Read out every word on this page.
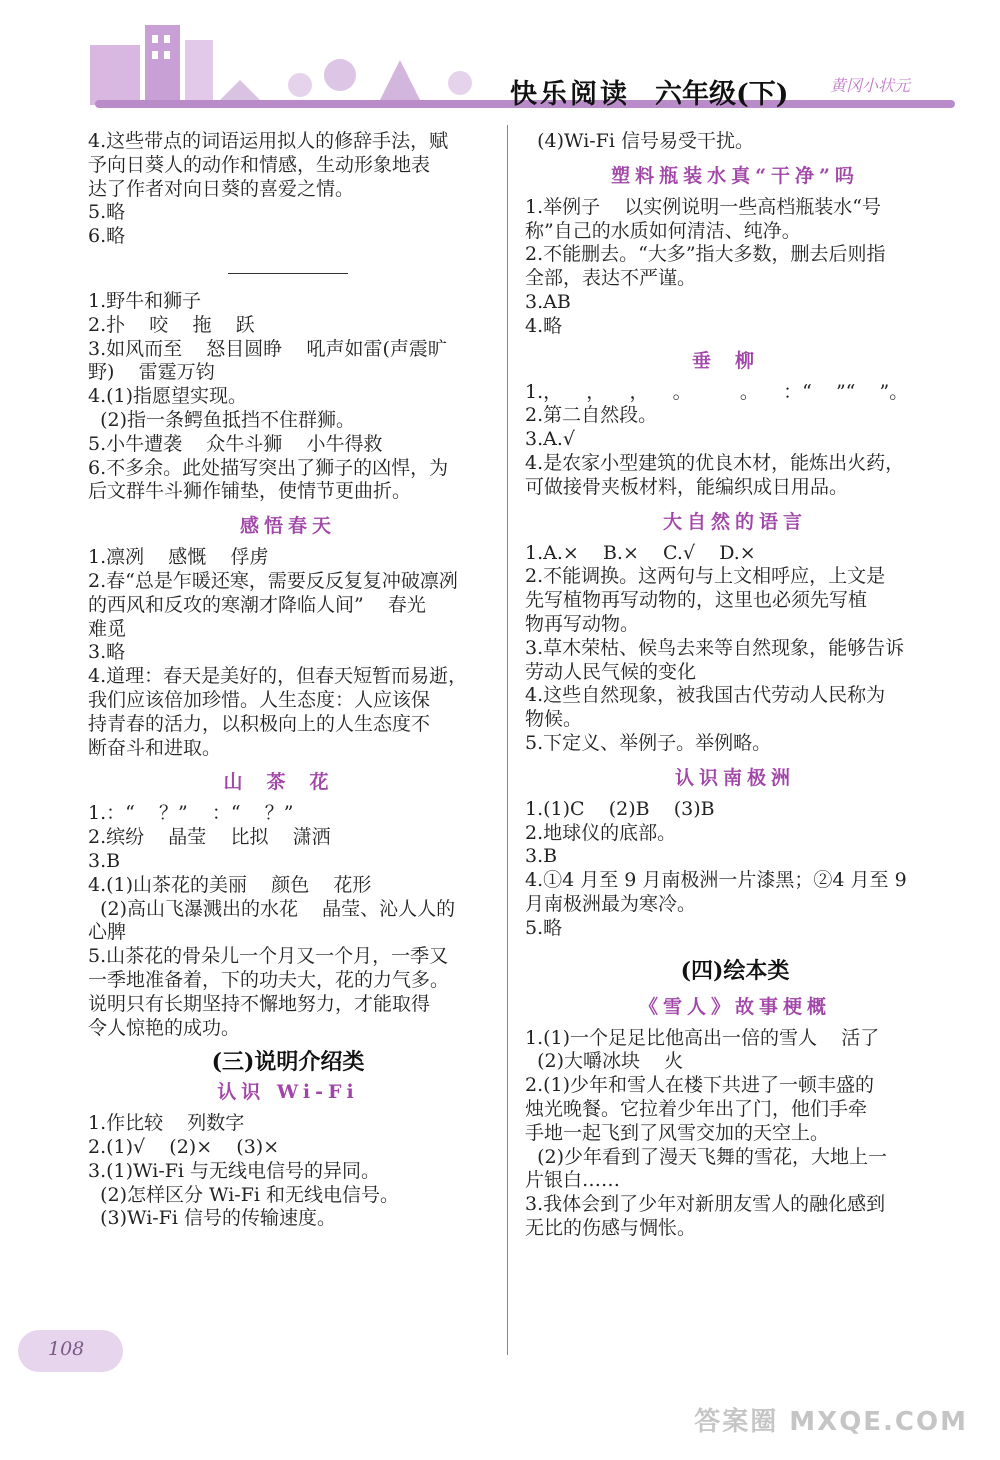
快乐阅读 六年级(下)	黄冈小状元

4.这些带点的词语运用拟人的修辞手法，赋

予向日葵人的动作和情感，生动形象地表

达了作者对向日葵的喜爱之情。

5.略

6.略

1.野牛和狮子

2.扑    咬    拖    跃

3.如风而至    怒目圆睁    吼声如雷(声震旷

野)    雷霆万钧

4.(1)指愿望实现。

(2)指一条鳄鱼抵挡不住群狮。

5.小牛遭袭    众牛斗狮    小牛得救

6.不多余。此处描写突出了狮子的凶悍，为

后文群牛斗狮作铺垫，使情节更曲折。

感悟春天

1.凛冽    感慨    俘虏

2.春“总是乍暖还寒，需要反反复复冲破凛冽

的西风和反攻的寒潮才降临人间”    春光

难觅

3.略

4.道理：春天是美好的，但春天短暂而易逝，

我们应该倍加珍惜。人生态度：人应该保

持青春的活力，以积极向上的人生态度不

断奋斗和进取。

山茶花

1.：“    ？”    ：“    ？”

2.缤纷    晶莹    比拟    潇洒

3.B

4.(1)山茶花的美丽    颜色    花形

(2)高山飞瀑溅出的水花    晶莹、沁人人的

心脾

5.山茶花的骨朵儿一个月又一个月，一季又

一季地准备着，下的功夫大，花的力气多。

说明只有长期坚持不懈地努力，才能取得

令人惊艳的成功。

(三)说明介绍类
认识 Wi-Fi

1.作比较    列数字

2.(1)√    (2)×    (3)×

3.(1)Wi-Fi 与无线电信号的异同。

(2)怎样区分 Wi-Fi 和无线电信号。

(3)Wi-Fi 信号的传输速度。

(4)Wi-Fi 信号易受干扰。

塑料瓶装水真“干净”吗

1.举例子    以实例说明一些高档瓶装水“号

称”自己的水质如何清洁、纯净。

2.不能删去。“大多”指大多数，删去后则指

全部，表达不严谨。

3.AB

4.略

垂柳

1.，    ，    ，    。        。    ：“    ”“    ”。

2.第二自然段。

3.A.√

4.是农家小型建筑的优良木材，能炼出火药，

可做接骨夹板材料，能编织成日用品。

大自然的语言

1.A.×    B.×    C.√    D.×

2.不能调换。这两句与上文相呼应，上文是

先写植物再写动物的，这里也必须先写植

物再写动物。

3.草木荣枯、候鸟去来等自然现象，能够告诉

劳动人民气候的变化

4.这些自然现象，被我国古代劳动人民称为

物候。

5.下定义、举例子。举例略。

认识南极洲

1.(1)C    (2)B    (3)B

2.地球仪的底部。

3.B

4.①4 月至 9 月南极洲一片漆黑；②4 月至 9

月南极洲最为寒冷。

5.略

(四)绘本类
《雪人》故事梗概

1.(1)一个足足比他高出一倍的雪人    活了

(2)大嚼冰块    火

2.(1)少年和雪人在楼下共进了一顿丰盛的

烛光晚餐。它拉着少年出了门，他们手牵

手地一起飞到了风雪交加的天空上。

(2)少年看到了漫天飞舞的雪花，大地上一

片银白……

3.我体会到了少年对新朋友雪人的融化感到

无比的伤感与惆怅。

108
答案圈 MXQE.COM
